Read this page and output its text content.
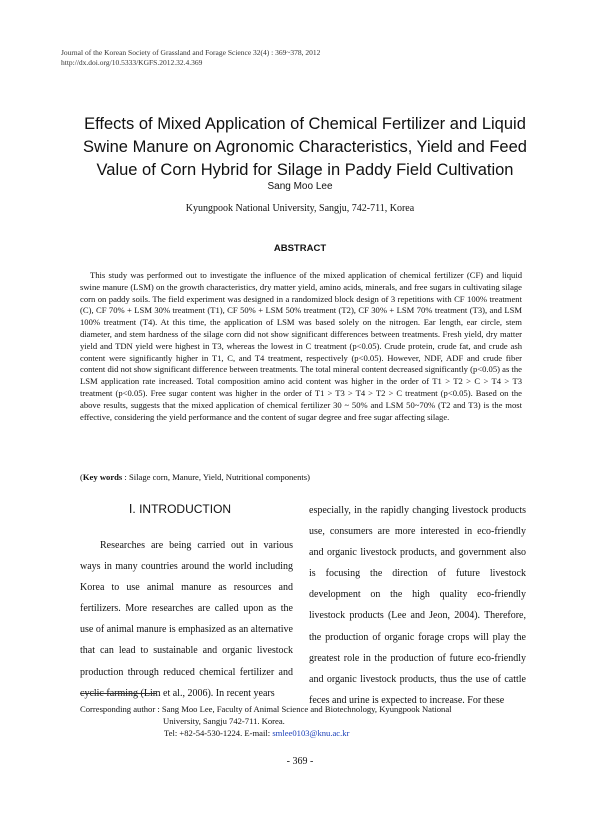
Journal of the Korean Society of Grassland and Forage Science 32(4) : 369~378, 2012
http://dx.doi.org/10.5333/KGFS.2012.32.4.369
Effects of Mixed Application of Chemical Fertilizer and Liquid
Swine Manure on Agronomic Characteristics, Yield and Feed
Value of Corn Hybrid for Silage in Paddy Field Cultivation
Sang Moo Lee
Kyungpook National University, Sangju, 742-711, Korea
ABSTRACT
This study was performed out to investigate the influence of the mixed application of chemical fertilizer (CF) and liquid swine manure (LSM) on the growth characteristics, dry matter yield, amino acids, minerals, and free sugars in cultivating silage corn on paddy soils. The field experiment was designed in a randomized block design of 3 repetitions with CF 100% treatment (C), CF 70% + LSM 30% treatment (T1), CF 50% + LSM 50% treatment (T2), CF 30% + LSM 70% treatment (T3), and LSM 100% treatment (T4). At this time, the application of LSM was based solely on the nitrogen. Ear length, ear circle, stem diameter, and stem hardness of the silage corn did not show significant differences between treatments. Fresh yield, dry matter yield and TDN yield were highest in T3, whereas the lowest in C treatment (p<0.05). Crude protein, crude fat, and crude ash content were significantly higher in T1, C, and T4 treatment, respectively (p<0.05). However, NDF, ADF and crude fiber content did not show significant difference between treatments. The total mineral content decreased significantly (p<0.05) as the LSM application rate increased. Total composition amino acid content was higher in the order of T1 > T2 > C > T4 > T3 treatment (p<0.05). Free sugar content was higher in the order of T1 > T3 > T4 > T2 > C treatment (p<0.05). Based on the above results, suggests that the mixed application of chemical fertilizer 30 ~ 50% and LSM 50~70% (T2 and T3) is the most effective, considering the yield performance and the content of sugar degree and free sugar affecting silage.
(Key words : Silage corn, Manure, Yield, Nutritional components)
Ⅰ. INTRODUCTION
Researches are being carried out in various ways in many countries around the world including Korea to use animal manure as resources and fertilizers. More researches are called upon as the use of animal manure is emphasized as an alternative that can lead to sustainable and organic livestock production through reduced chemical fertilizer and cyclic farming (Lim et al., 2006). In recent years
especially, in the rapidly changing livestock products use, consumers are more interested in eco-friendly and organic livestock products, and government also is focusing the direction of future livestock development on the high quality eco-friendly livestock products (Lee and Jeon, 2004). Therefore, the production of organic forage crops will play the greatest role in the production of future eco-friendly and organic livestock products, thus the use of cattle feces and urine is expected to increase. For these
Corresponding author : Sang Moo Lee, Faculty of Animal Science and Biotechnology, Kyungpook National
University, Sangju 742-711. Korea.
Tel: +82-54-530-1224. E-mail: smlee0103@knu.ac.kr
- 369 -
